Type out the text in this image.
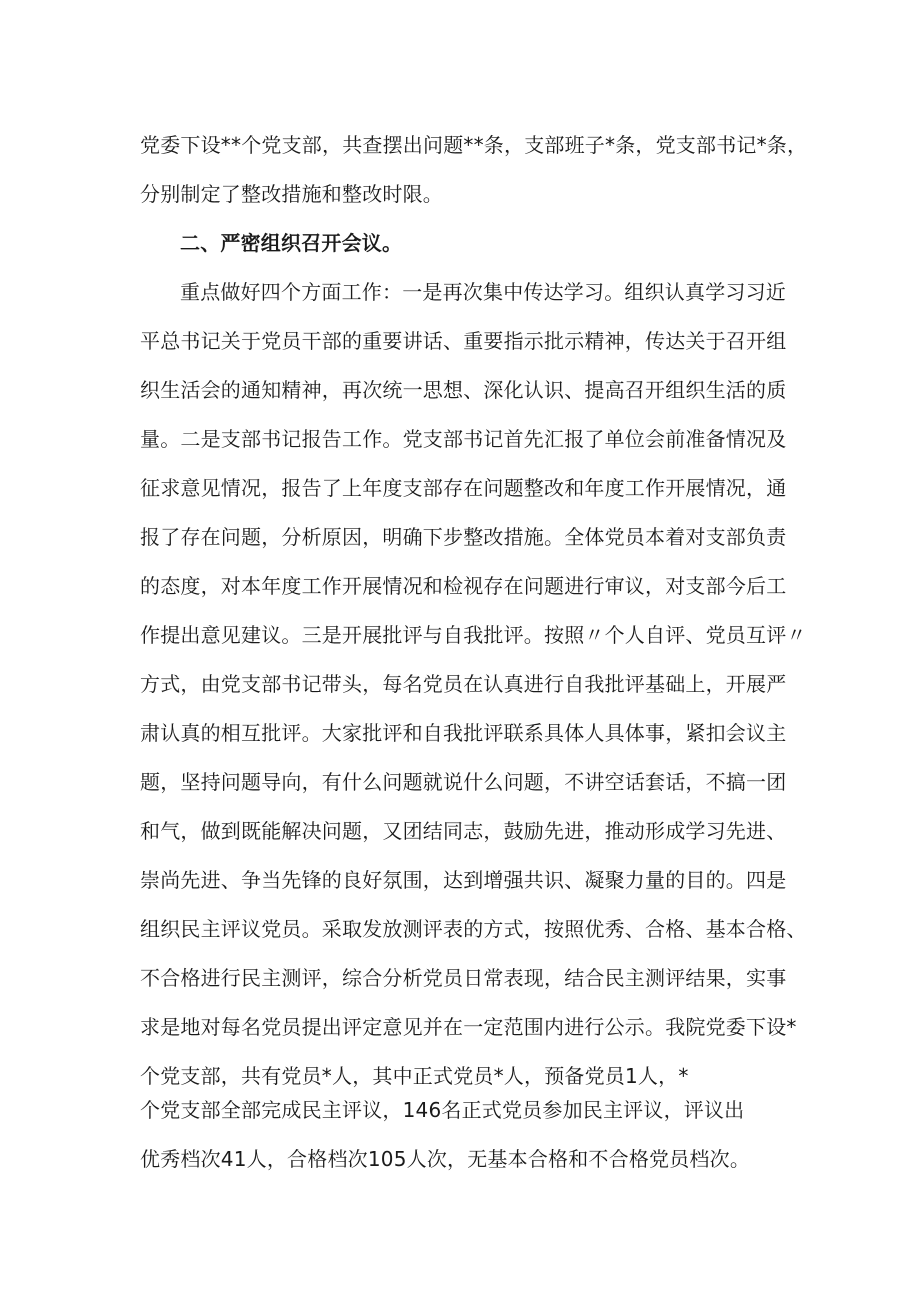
党委下设**个党支部，共查摆出问题**条，支部班子*条，党支部书记*条，
分别制定了整改措施和整改时限。
二、严密组织召开会议。
重点做好四个方面工作：一是再次集中传达学习。组织认真学习习近
平总书记关于党员干部的重要讲话、重要指示批示精神，传达关于召开组
织生活会的通知精神，再次统一思想、深化认识、提高召开组织生活的质
量。二是支部书记报告工作。党支部书记首先汇报了单位会前准备情况及
征求意见情况，报告了上年度支部存在问题整改和年度工作开展情况，通
报了存在问题，分析原因，明确下步整改措施。全体党员本着对支部负责
的态度，对本年度工作开展情况和检视存在问题进行审议，对支部今后工
作提出意见建议。三是开展批评与自我批评。按照〃个人自评、党员互评〃
方式，由党支部书记带头，每名党员在认真进行自我批评基础上，开展严
肃认真的相互批评。大家批评和自我批评联系具体人具体事，紧扣会议主
题，坚持问题导向，有什么问题就说什么问题，不讲空话套话，不搞一团
和气，做到既能解决问题，又团结同志，鼓励先进，推动形成学习先进、
崇尚先进、争当先锋的良好氛围，达到增强共识、凝聚力量的目的。四是
组织民主评议党员。采取发放测评表的方式，按照优秀、合格、基本合格、
不合格进行民主测评，综合分析党员日常表现，结合民主测评结果，实事
求是地对每名党员提出评定意见并在一定范围内进行公示。我院党委下设*
个党支部，共有党员*人，其中正式党员*人，预备党员1人，*
个党支部全部完成民主评议，146名正式党员参加民主评议，评议出
优秀档次41人，合格档次105人次，无基本合格和不合格党员档次。
